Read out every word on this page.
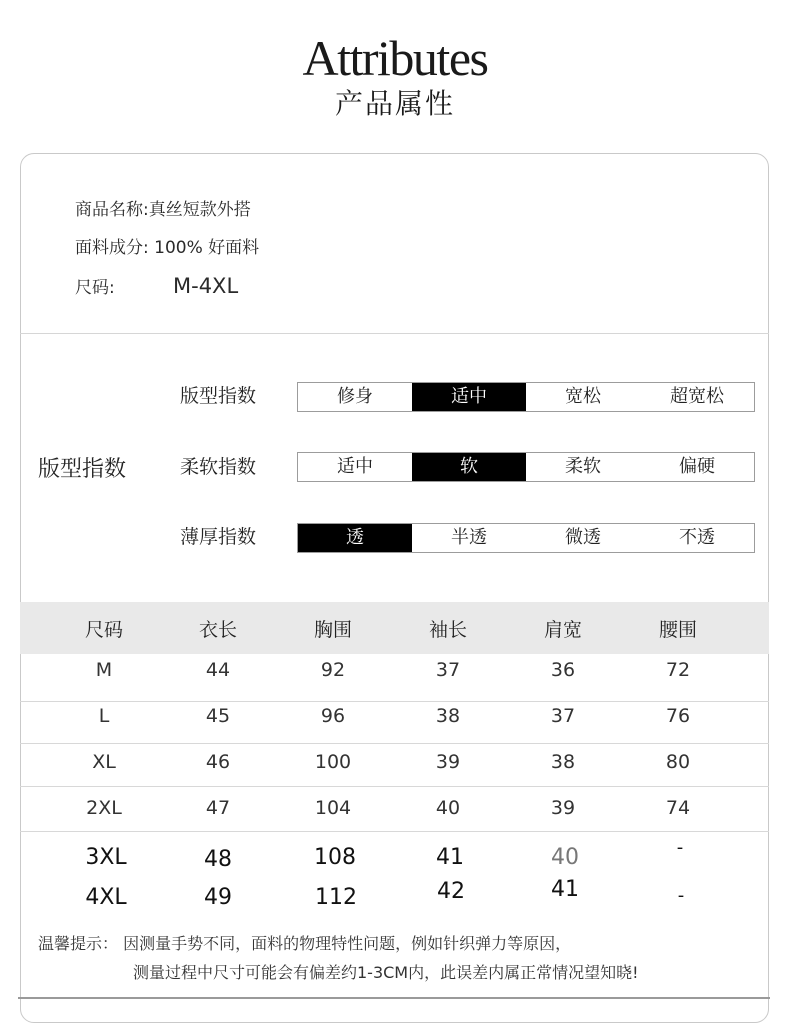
Attributes
产品属性
商品名称:真丝短款外搭
面料成分: 100% 好面料
尺码:	M-4XL
版型指数
版型指数	修身	适中	宽松	超宽松
柔软指数	适中	软	柔软	偏硬
薄厚指数	透	半透	微透	不透
尺码	衣长	胸围	袖长	肩宽	腰围
M	44	92	37	36	72
L	45	96	38	37	76
XL	46	100	39	38	80
2XL	47	104	40	39	74
3XL	48	108	41	40	-
4XL	49	112	42	41	-
温馨提示： 因测量手势不同，面料的物理特性问题，例如针织弹力等原因，
测量过程中尺寸可能会有偏差约1-3CM内，此误差内属正常情况望知晓!
